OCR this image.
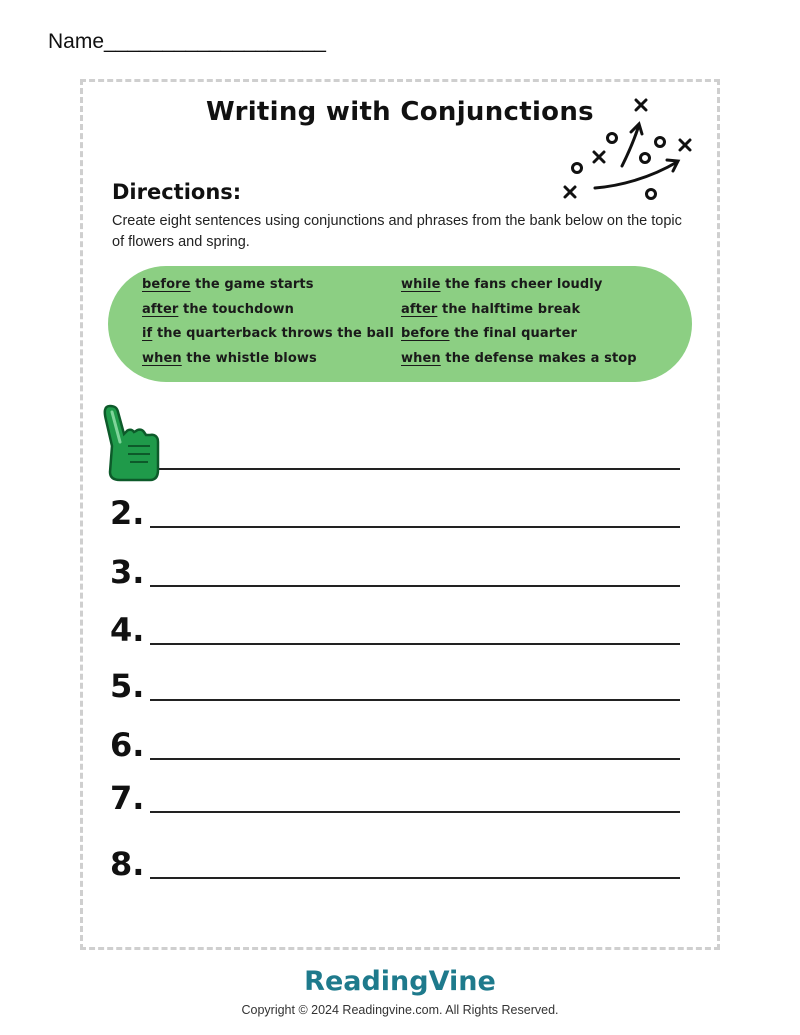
Name___________________
Writing with Conjunctions
Directions:
Create eight sentences using conjunctions and phrases from the bank below on the topic of flowers and spring.
before the game starts
after the touchdown
if the quarterback throws the ball
when the whistle blows
while the fans cheer loudly
after the halftime break
before the final quarter
when the defense makes a stop
2.
3.
4.
5.
6.
7.
8.
ReadingVine
Copyright © 2024 Readingvine.com. All Rights Reserved.
